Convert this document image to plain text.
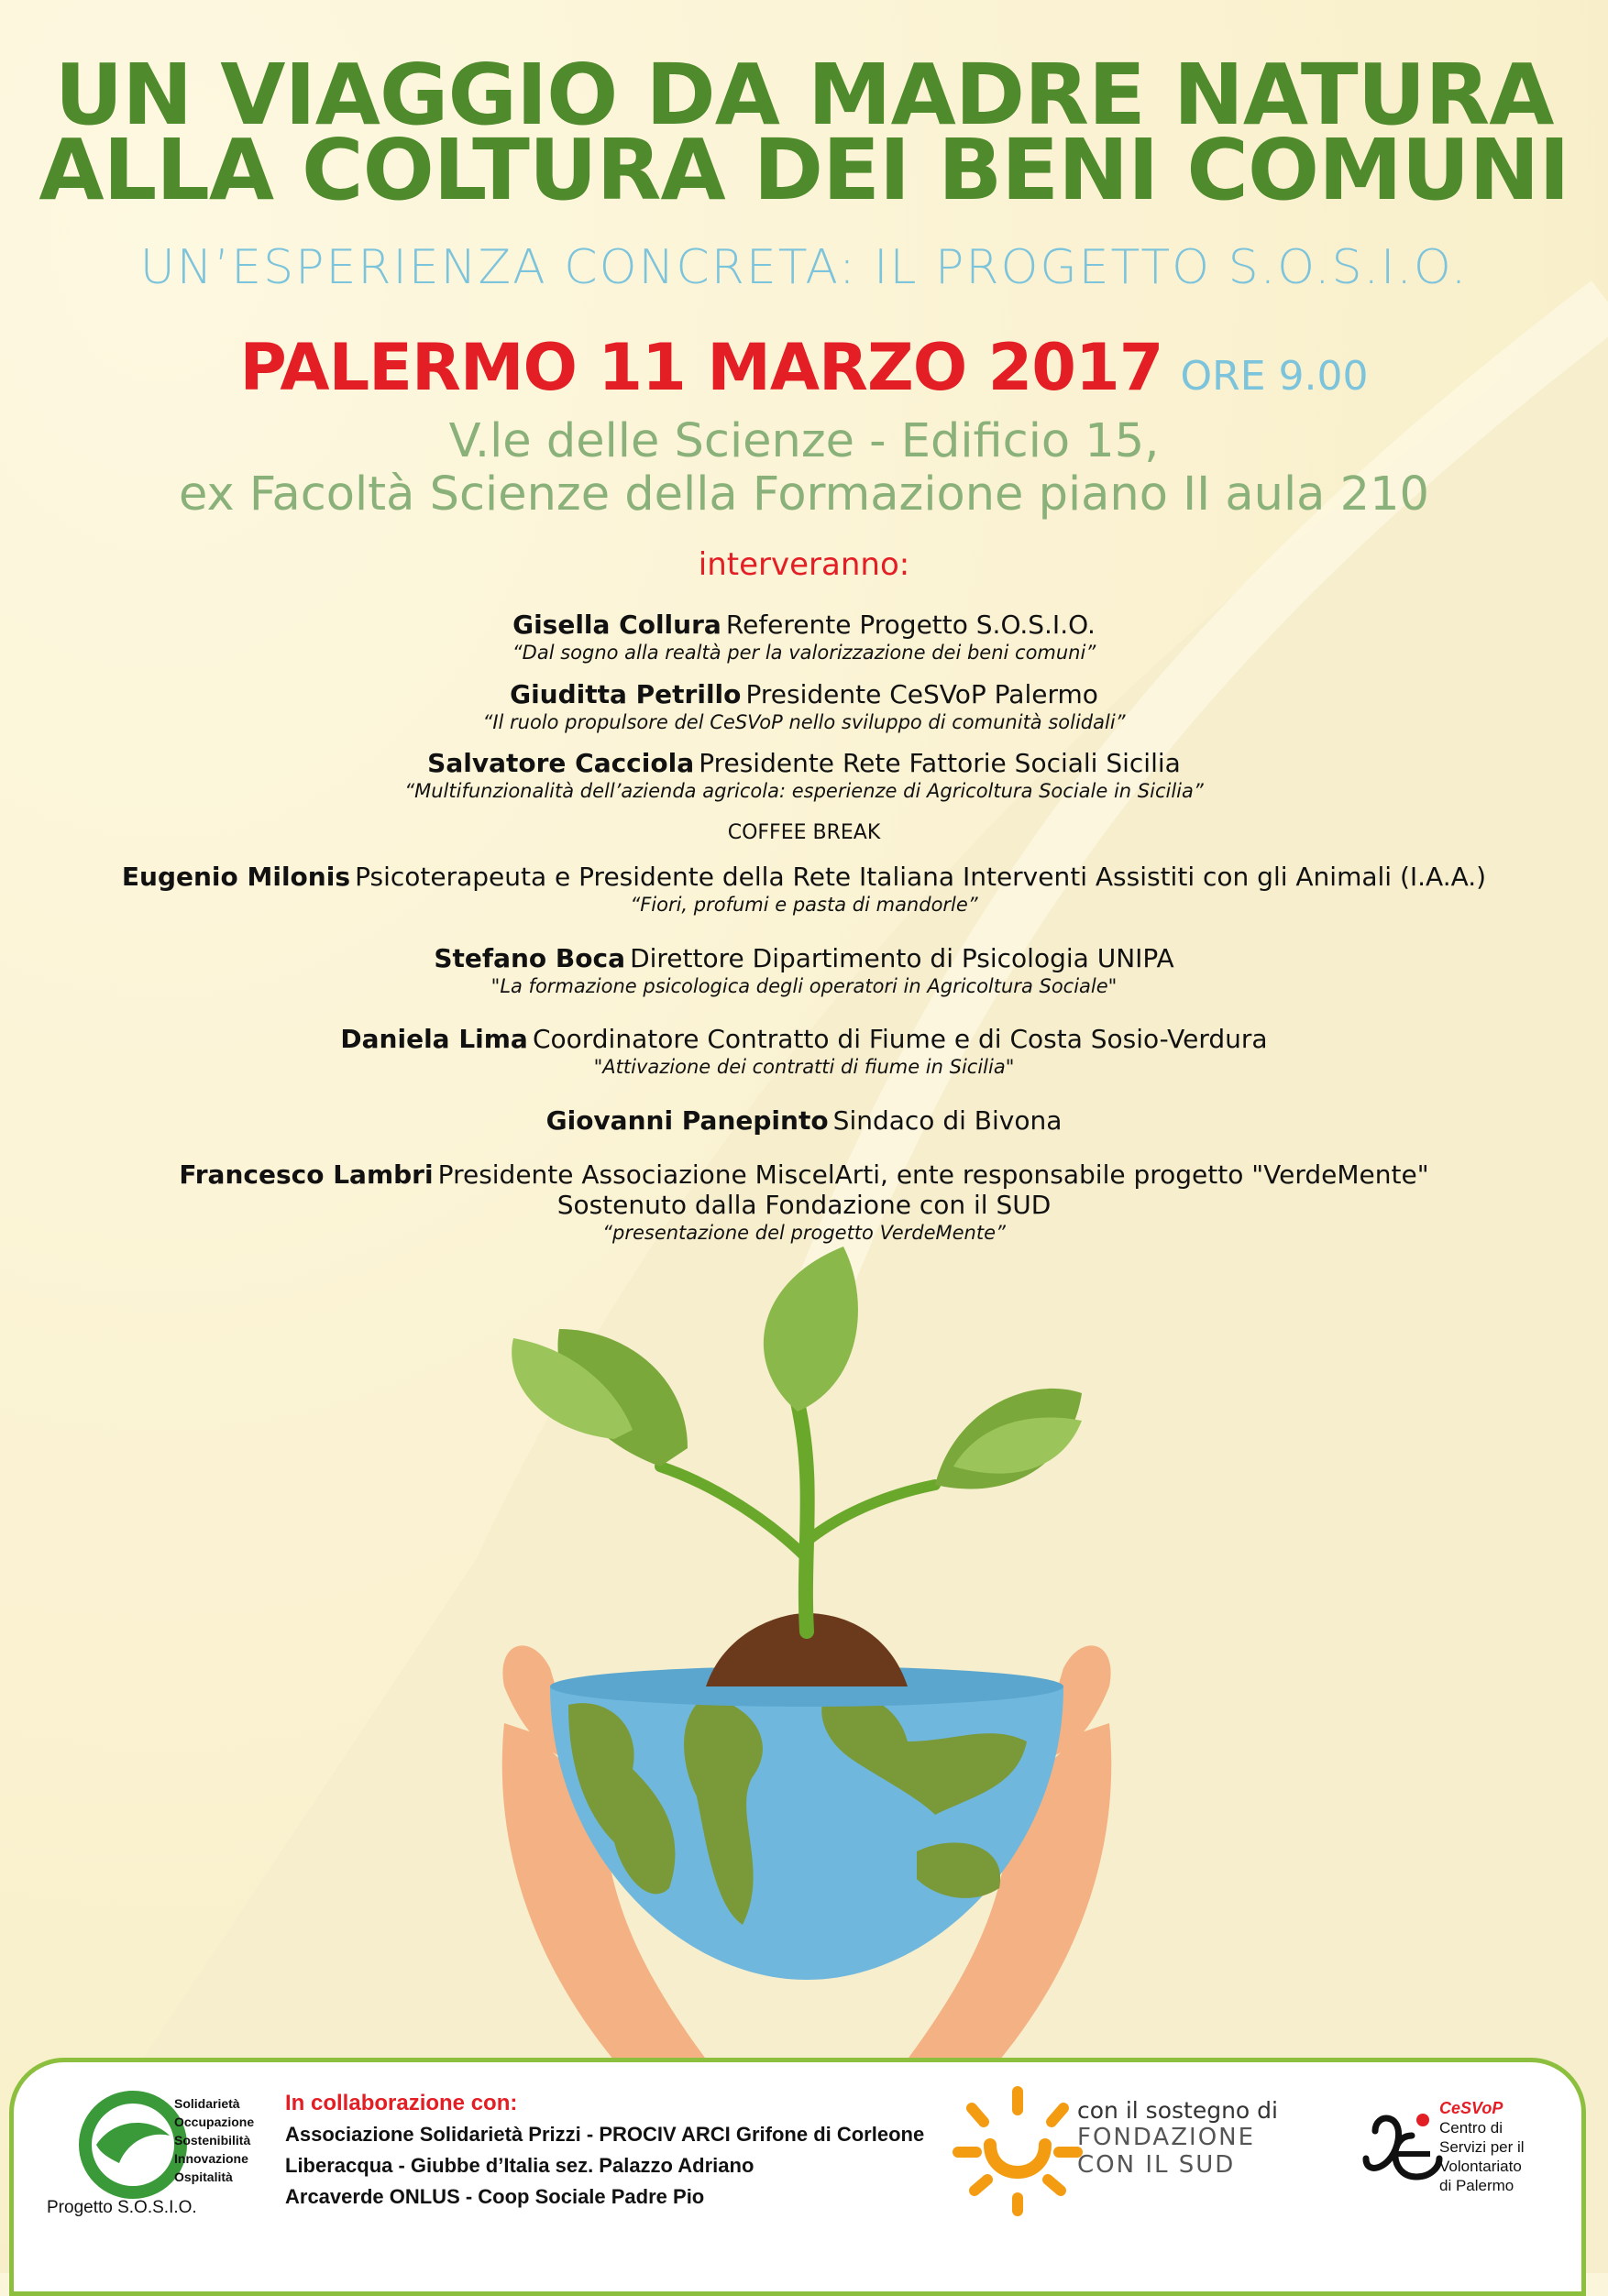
UN VIAGGIO DA MADRE NATURA
ALLA COLTURA DEI BENI COMUNI
UN’ESPERIENZA CONCRETA: IL PROGETTO S.O.S.I.O.
PALERMO 11 MARZO 2017 ORE 9.00
V.le delle Scienze - Edificio 15,
ex Facoltà Scienze della Formazione piano II aula 210
interveranno:
Gisella Collura Referente Progetto S.O.S.I.O.
“Dal sogno alla realtà per la valorizzazione dei beni comuni”
Giuditta Petrillo Presidente CeSVoP Palermo
“Il ruolo propulsore del CeSVoP nello sviluppo di comunità solidali”
Salvatore Cacciola Presidente Rete Fattorie Sociali Sicilia
“Multifunzionalità dell’azienda agricola: esperienze di Agricoltura Sociale in Sicilia”
COFFEE BREAK
Eugenio Milonis Psicoterapeuta e Presidente della Rete Italiana Interventi Assistiti con gli Animali (I.A.A.)
“Fiori, profumi e pasta di mandorle”
Stefano Boca Direttore Dipartimento di Psicologia UNIPA
"La formazione psicologica degli operatori in Agricoltura Sociale"
Daniela Lima Coordinatore Contratto di Fiume e di Costa Sosio-Verdura
"Attivazione dei contratti di fiume in Sicilia"
Giovanni Panepinto Sindaco di Bivona
Francesco Lambri Presidente Associazione MiscelArti, ente responsabile progetto "VerdeMente"
Sostenuto dalla Fondazione con il SUD
“presentazione del progetto VerdeMente”
Solidarietà
Occupazione
Sostenibilità
Innovazione
Ospitalità
Progetto S.O.S.I.O.
In collaborazione con:
Associazione Solidarietà Prizzi - PROCIV ARCI Grifone di Corleone
Liberacqua - Giubbe d’Italia sez. Palazzo Adriano
Arcaverde ONLUS - Coop Sociale Padre Pio
con il sostegno di
FONDAZIONE
CON IL SUD
CeSVoP
Centro di
Servizi per il
Volontariato
di Palermo
